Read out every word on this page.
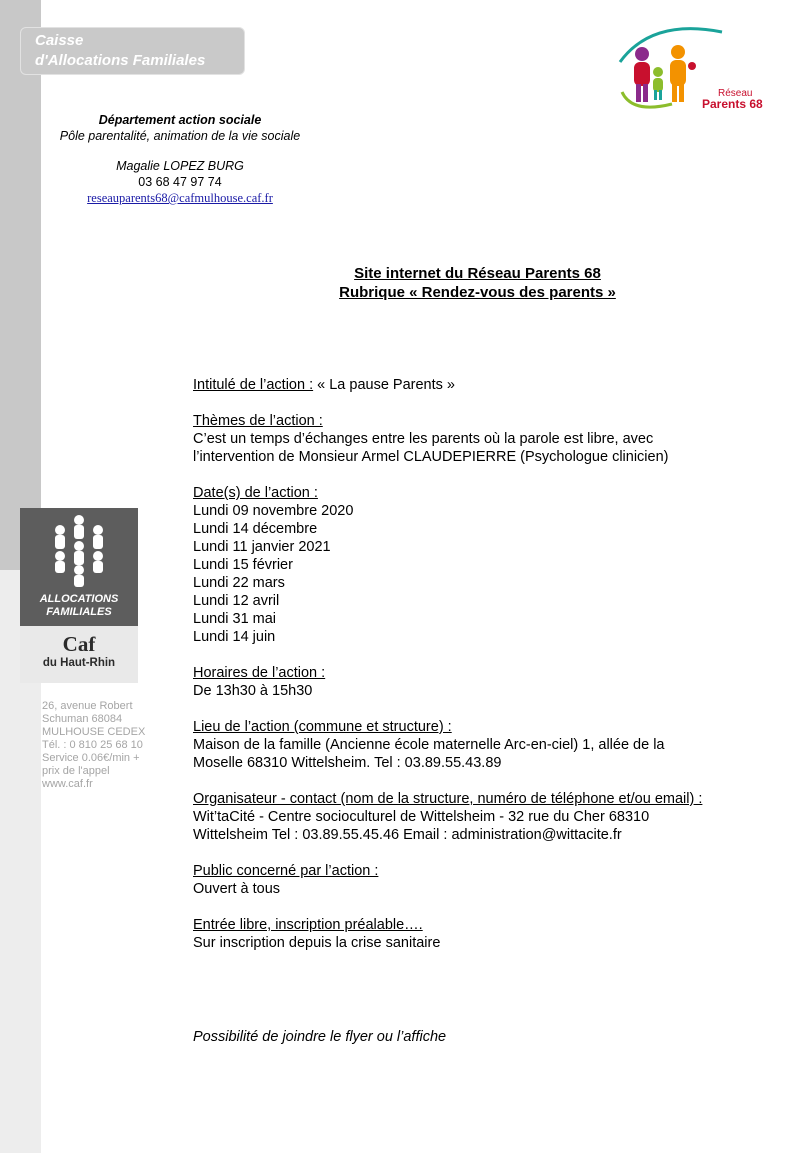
Caisse
d'Allocations Familiales
Département action sociale
Pôle parentalité, animation de la vie sociale
Magalie LOPEZ BURG
03 68 47 97 74
reseauparents68@cafmulhouse.caf.fr
Réseau
Parents 68
Site internet du Réseau Parents 68
Rubrique « Rendez-vous des parents »
ALLOCATIONS
FAMILIALES
Caf
du Haut-Rhin
26, avenue Robert
Schuman 68084
MULHOUSE CEDEX
Tél. : 0 810 25 68 10
Service 0.06€/min +
prix de l'appel
www.caf.fr
Intitulé de l’action : « La pause Parents »
Thèmes de l’action :
C’est un temps d’échanges entre les parents où la parole est libre, avec
l’intervention de Monsieur Armel CLAUDEPIERRE (Psychologue clinicien)
Date(s) de l’action :
Lundi 09 novembre 2020
Lundi 14 décembre
Lundi 11 janvier 2021
Lundi 15 février
Lundi 22 mars
Lundi 12 avril
Lundi 31 mai
Lundi 14 juin
Horaires de l’action :
De 13h30 à 15h30
Lieu de l’action (commune et structure) :
Maison de la famille (Ancienne école maternelle Arc-en-ciel) 1, allée de la
Moselle 68310 Wittelsheim. Tel : 03.89.55.43.89
Organisateur - contact (nom de la structure, numéro de téléphone et/ou email) :
Wit’taCité - Centre socioculturel de Wittelsheim - 32 rue du Cher 68310
Wittelsheim Tel : 03.89.55.45.46 Email : administration@wittacite.fr
Public concerné par l’action :
Ouvert à tous
Entrée libre, inscription préalable….
Sur inscription depuis la crise sanitaire
Possibilité de joindre le flyer ou l’affiche
